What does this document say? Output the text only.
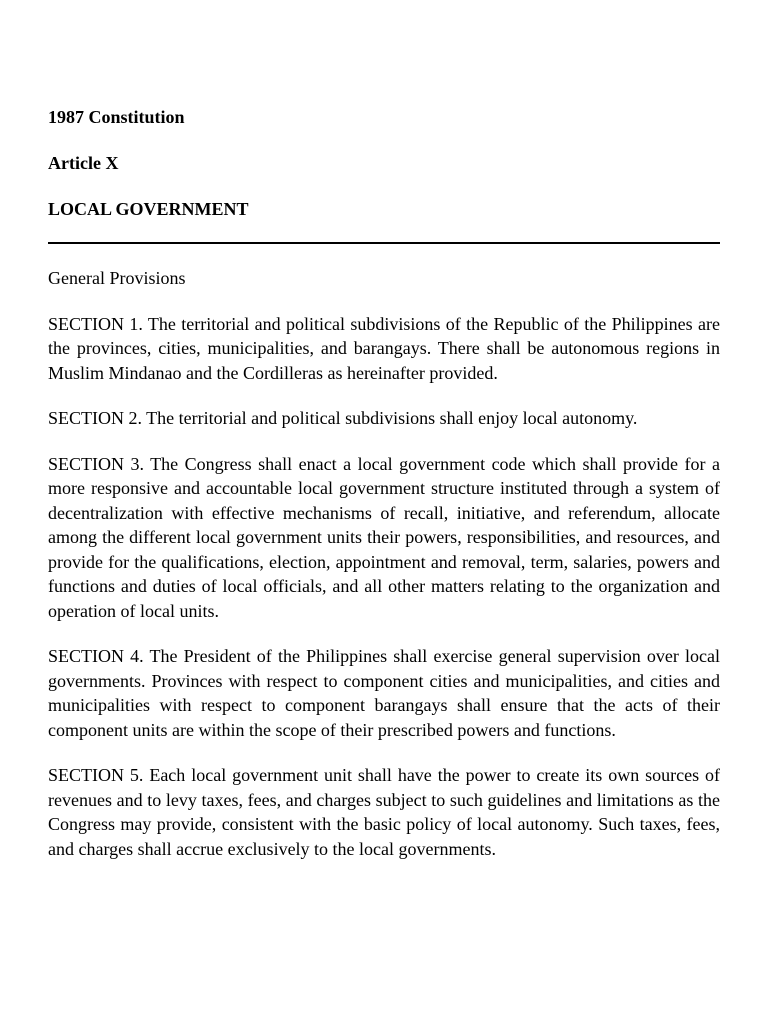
1987 Constitution

Article X

LOCAL GOVERNMENT

General Provisions

SECTION 1. The territorial and political subdivisions of the Republic of the Philippines are the provinces, cities, municipalities, and barangays. There shall be autonomous regions in Muslim Mindanao and the Cordilleras as hereinafter provided.

SECTION 2. The territorial and political subdivisions shall enjoy local autonomy.

SECTION 3. The Congress shall enact a local government code which shall provide for a more responsive and accountable local government structure instituted through a system of decentralization with effective mechanisms of recall, initiative, and referendum, allocate among the different local government units their powers, responsibilities, and resources, and provide for the qualifications, election, appointment and removal, term, salaries, powers and functions and duties of local officials, and all other matters relating to the organization and operation of local units.

SECTION 4. The President of the Philippines shall exercise general supervision over local governments. Provinces with respect to component cities and municipalities, and cities and municipalities with respect to component barangays shall ensure that the acts of their component units are within the scope of their prescribed powers and functions.

SECTION 5. Each local government unit shall have the power to create its own sources of revenues and to levy taxes, fees, and charges subject to such guidelines and limitations as the Congress may provide, consistent with the basic policy of local autonomy. Such taxes, fees, and charges shall accrue exclusively to the local governments.
